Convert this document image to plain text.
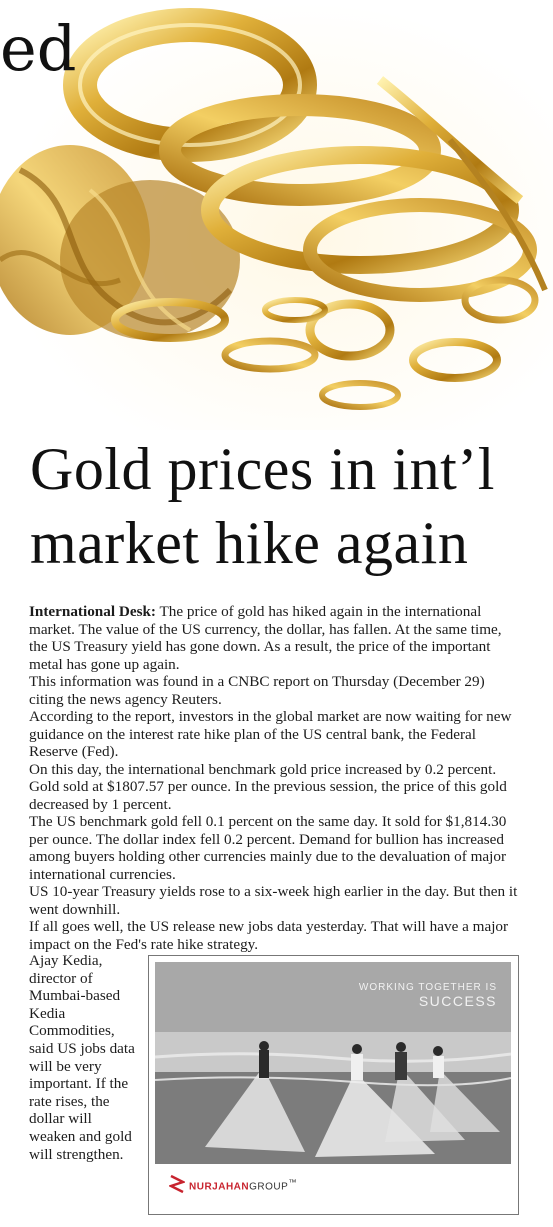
ed
Gold prices in int’l market hike again

International Desk: The price of gold has hiked again in the international market. The value of the US currency, the dollar, has fallen. At the same time, the US Treasury yield has gone down. As a result, the price of the important metal has gone up again.

This information was found in a CNBC report on Thursday (December 29) citing the news agency Reuters.

According to the report, investors in the global market are now waiting for new guidance on the interest rate hike plan of the US central bank, the Federal Reserve (Fed).

On this day, the international benchmark gold price increased by 0.2 percent. Gold sold at $1807.57 per ounce. In the previous session, the price of this gold decreased by 1 percent.

The US benchmark gold fell 0.1 percent on the same day. It sold for $1,814.30 per ounce. The dollar index fell 0.2 percent. Demand for bullion has increased among buyers holding other currencies mainly due to the devaluation of major international currencies.

US 10-year Treasury yields rose to a six-week high earlier in the day. But then it went downhill.

If all goes well, the US release new jobs data yesterday. That will have a major impact on the Fed's rate hike strategy.

Ajay Kedia, director of Mumbai-based Kedia Commodities, said US jobs data will be very important. If the rate rises, the dollar will weaken and gold will strengthen.
WORKING TOGETHER IS
SUCCESS
NURJAHANGROUP™
